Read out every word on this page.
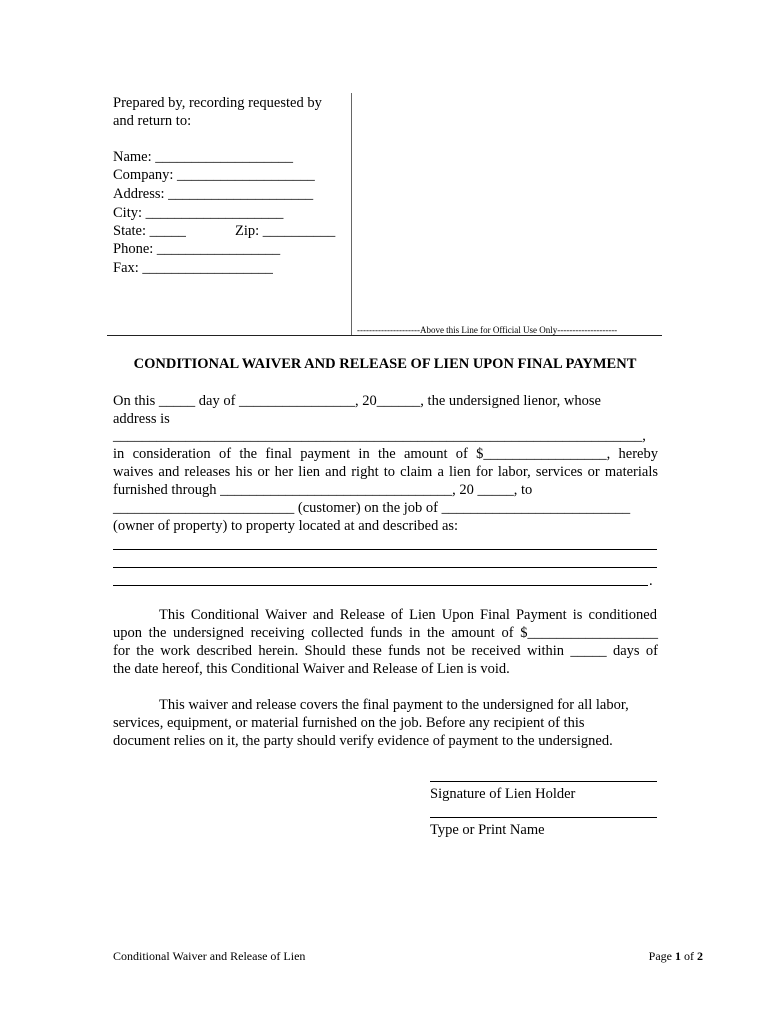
Prepared by, recording requested by
and return to:
Name: ___________________
Company: ___________________
Address: ____________________
City: ___________________
State: _____	Zip: __________
Phone: _________________
Fax: __________________
---------------------Above this Line for Official Use Only--------------------
CONDITIONAL WAIVER AND RELEASE OF LIEN UPON FINAL PAYMENT
On this _____ day of ________________, 20______, the undersigned lienor, whose
address is
_________________________________________________________________________,
in consideration of the final payment in the amount of $_________________, hereby
waives and releases his or her lien and right to claim a lien for labor, services or materials
furnished through ________________________________, 20 _____, to
_________________________ (customer) on the job of __________________________
(owner of property) to property located at and described as:
.
This Conditional Waiver and Release of Lien Upon Final Payment is conditioned
upon the undersigned receiving collected funds in the amount of $__________________
for the work described herein. Should these funds not be received within _____ days of
the date hereof, this Conditional Waiver and Release of Lien is void.
This waiver and release covers the final payment to the undersigned for all labor,
services, equipment, or material furnished on the job. Before any recipient of this
document relies on it, the party should verify evidence of payment to the undersigned.
Signature of Lien Holder
Type or Print Name
Conditional Waiver and Release of Lien	Page 1 of 2
